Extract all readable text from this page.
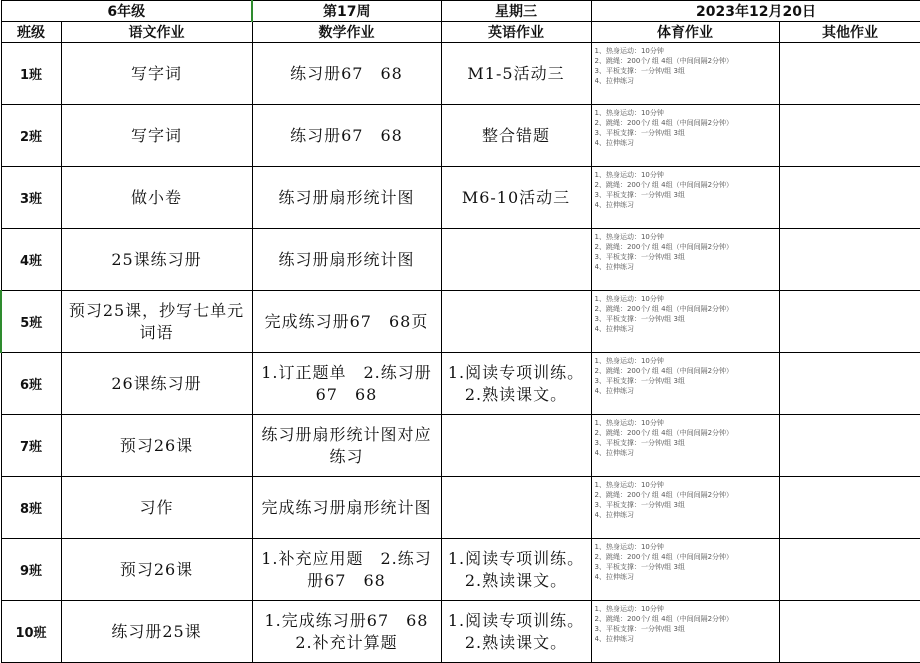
6年级		第17周	星期三	2023年12月20日	
班级	语文作业	数学作业	英语作业	体育作业	其他作业
1班	写字词	练习册67　68	M1-5活动三	1、热身运动：10分钟
2、跳绳：200个/ 组 4组（中间间隔2分钟）
3、平板支撑：一分钟/组 3组
4、拉伸练习	

2班	写字词	练习册67　68	整合错题	1、热身运动：10分钟
2、跳绳：200个/ 组 4组（中间间隔2分钟）
3、平板支撑：一分钟/组 3组
4、拉伸练习	

3班	做小卷	练习册扇形统计图	M6-10活动三	1、热身运动：10分钟
2、跳绳：200个/ 组 4组（中间间隔2分钟）
3、平板支撑：一分钟/组 3组
4、拉伸练习	

4班	25课练习册	练习册扇形统计图		1、热身运动：10分钟
2、跳绳：200个/ 组 4组（中间间隔2分钟）
3、平板支撑：一分钟/组 3组
4、拉伸练习	

5班	预习25课，抄写七单元词语	完成练习册67　68页		1、热身运动：10分钟
2、跳绳：200个/ 组 4组（中间间隔2分钟）
3、平板支撑：一分钟/组 3组
4、拉伸练习	

6班	26课练习册	1.订正题单　2.练习册67　68	1.阅读专项训练。2.熟读课文。	1、热身运动：10分钟
2、跳绳：200个/ 组 4组（中间间隔2分钟）
3、平板支撑：一分钟/组 3组
4、拉伸练习	

7班	预习26课	练习册扇形统计图对应练习		1、热身运动：10分钟
2、跳绳：200个/ 组 4组（中间间隔2分钟）
3、平板支撑：一分钟/组 3组
4、拉伸练习	

8班	习作	完成练习册扇形统计图		1、热身运动：10分钟
2、跳绳：200个/ 组 4组（中间间隔2分钟）
3、平板支撑：一分钟/组 3组
4、拉伸练习	

9班	预习26课	1.补充应用题　2.练习册67　68	1.阅读专项训练。2.熟读课文。	1、热身运动：10分钟
2、跳绳：200个/ 组 4组（中间间隔2分钟）
3、平板支撑：一分钟/组 3组
4、拉伸练习	

10班	练习册25课	1.完成练习册67　68 2.补充计算题	1.阅读专项训练。2.熟读课文。	1、热身运动：10分钟
2、跳绳：200个/ 组 4组（中间间隔2分钟）
3、平板支撑：一分钟/组 3组
4、拉伸练习	
